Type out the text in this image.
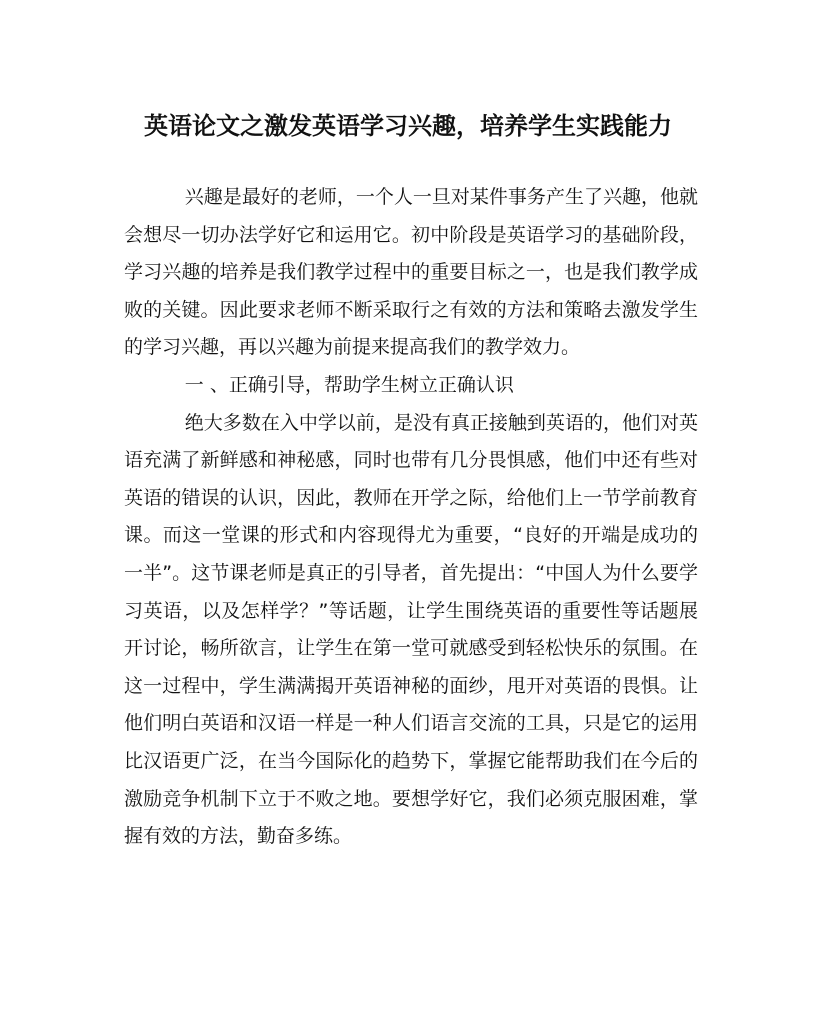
英语论文之激发英语学习兴趣，培养学生实践能力

兴趣是最好的老师，一个人一旦对某件事务产生了兴趣，他就会想尽一切办法学好它和运用它。初中阶段是英语学习的基础阶段，学习兴趣的培养是我们教学过程中的重要目标之一，也是我们教学成败的关键。因此要求老师不断采取行之有效的方法和策略去激发学生的学习兴趣，再以兴趣为前提来提高我们的教学效力。

一 、正确引导，帮助学生树立正确认识

绝大多数在入中学以前，是没有真正接触到英语的，他们对英语充满了新鲜感和神秘感，同时也带有几分畏惧感，他们中还有些对英语的错误的认识，因此，教师在开学之际，给他们上一节学前教育课。而这一堂课的形式和内容现得尤为重要，“良好的开端是成功的一半”。这节课老师是真正的引导者，首先提出：“中国人为什么要学习英语，以及怎样学？”等话题，让学生围绕英语的重要性等话题展开讨论，畅所欲言，让学生在第一堂可就感受到轻松快乐的氛围。在这一过程中，学生满满揭开英语神秘的面纱，甩开对英语的畏惧。让他们明白英语和汉语一样是一种人们语言交流的工具，只是它的运用比汉语更广泛，在当今国际化的趋势下，掌握它能帮助我们在今后的激励竞争机制下立于不败之地。要想学好它，我们必须克服困难，掌握有效的方法，勤奋多练。
